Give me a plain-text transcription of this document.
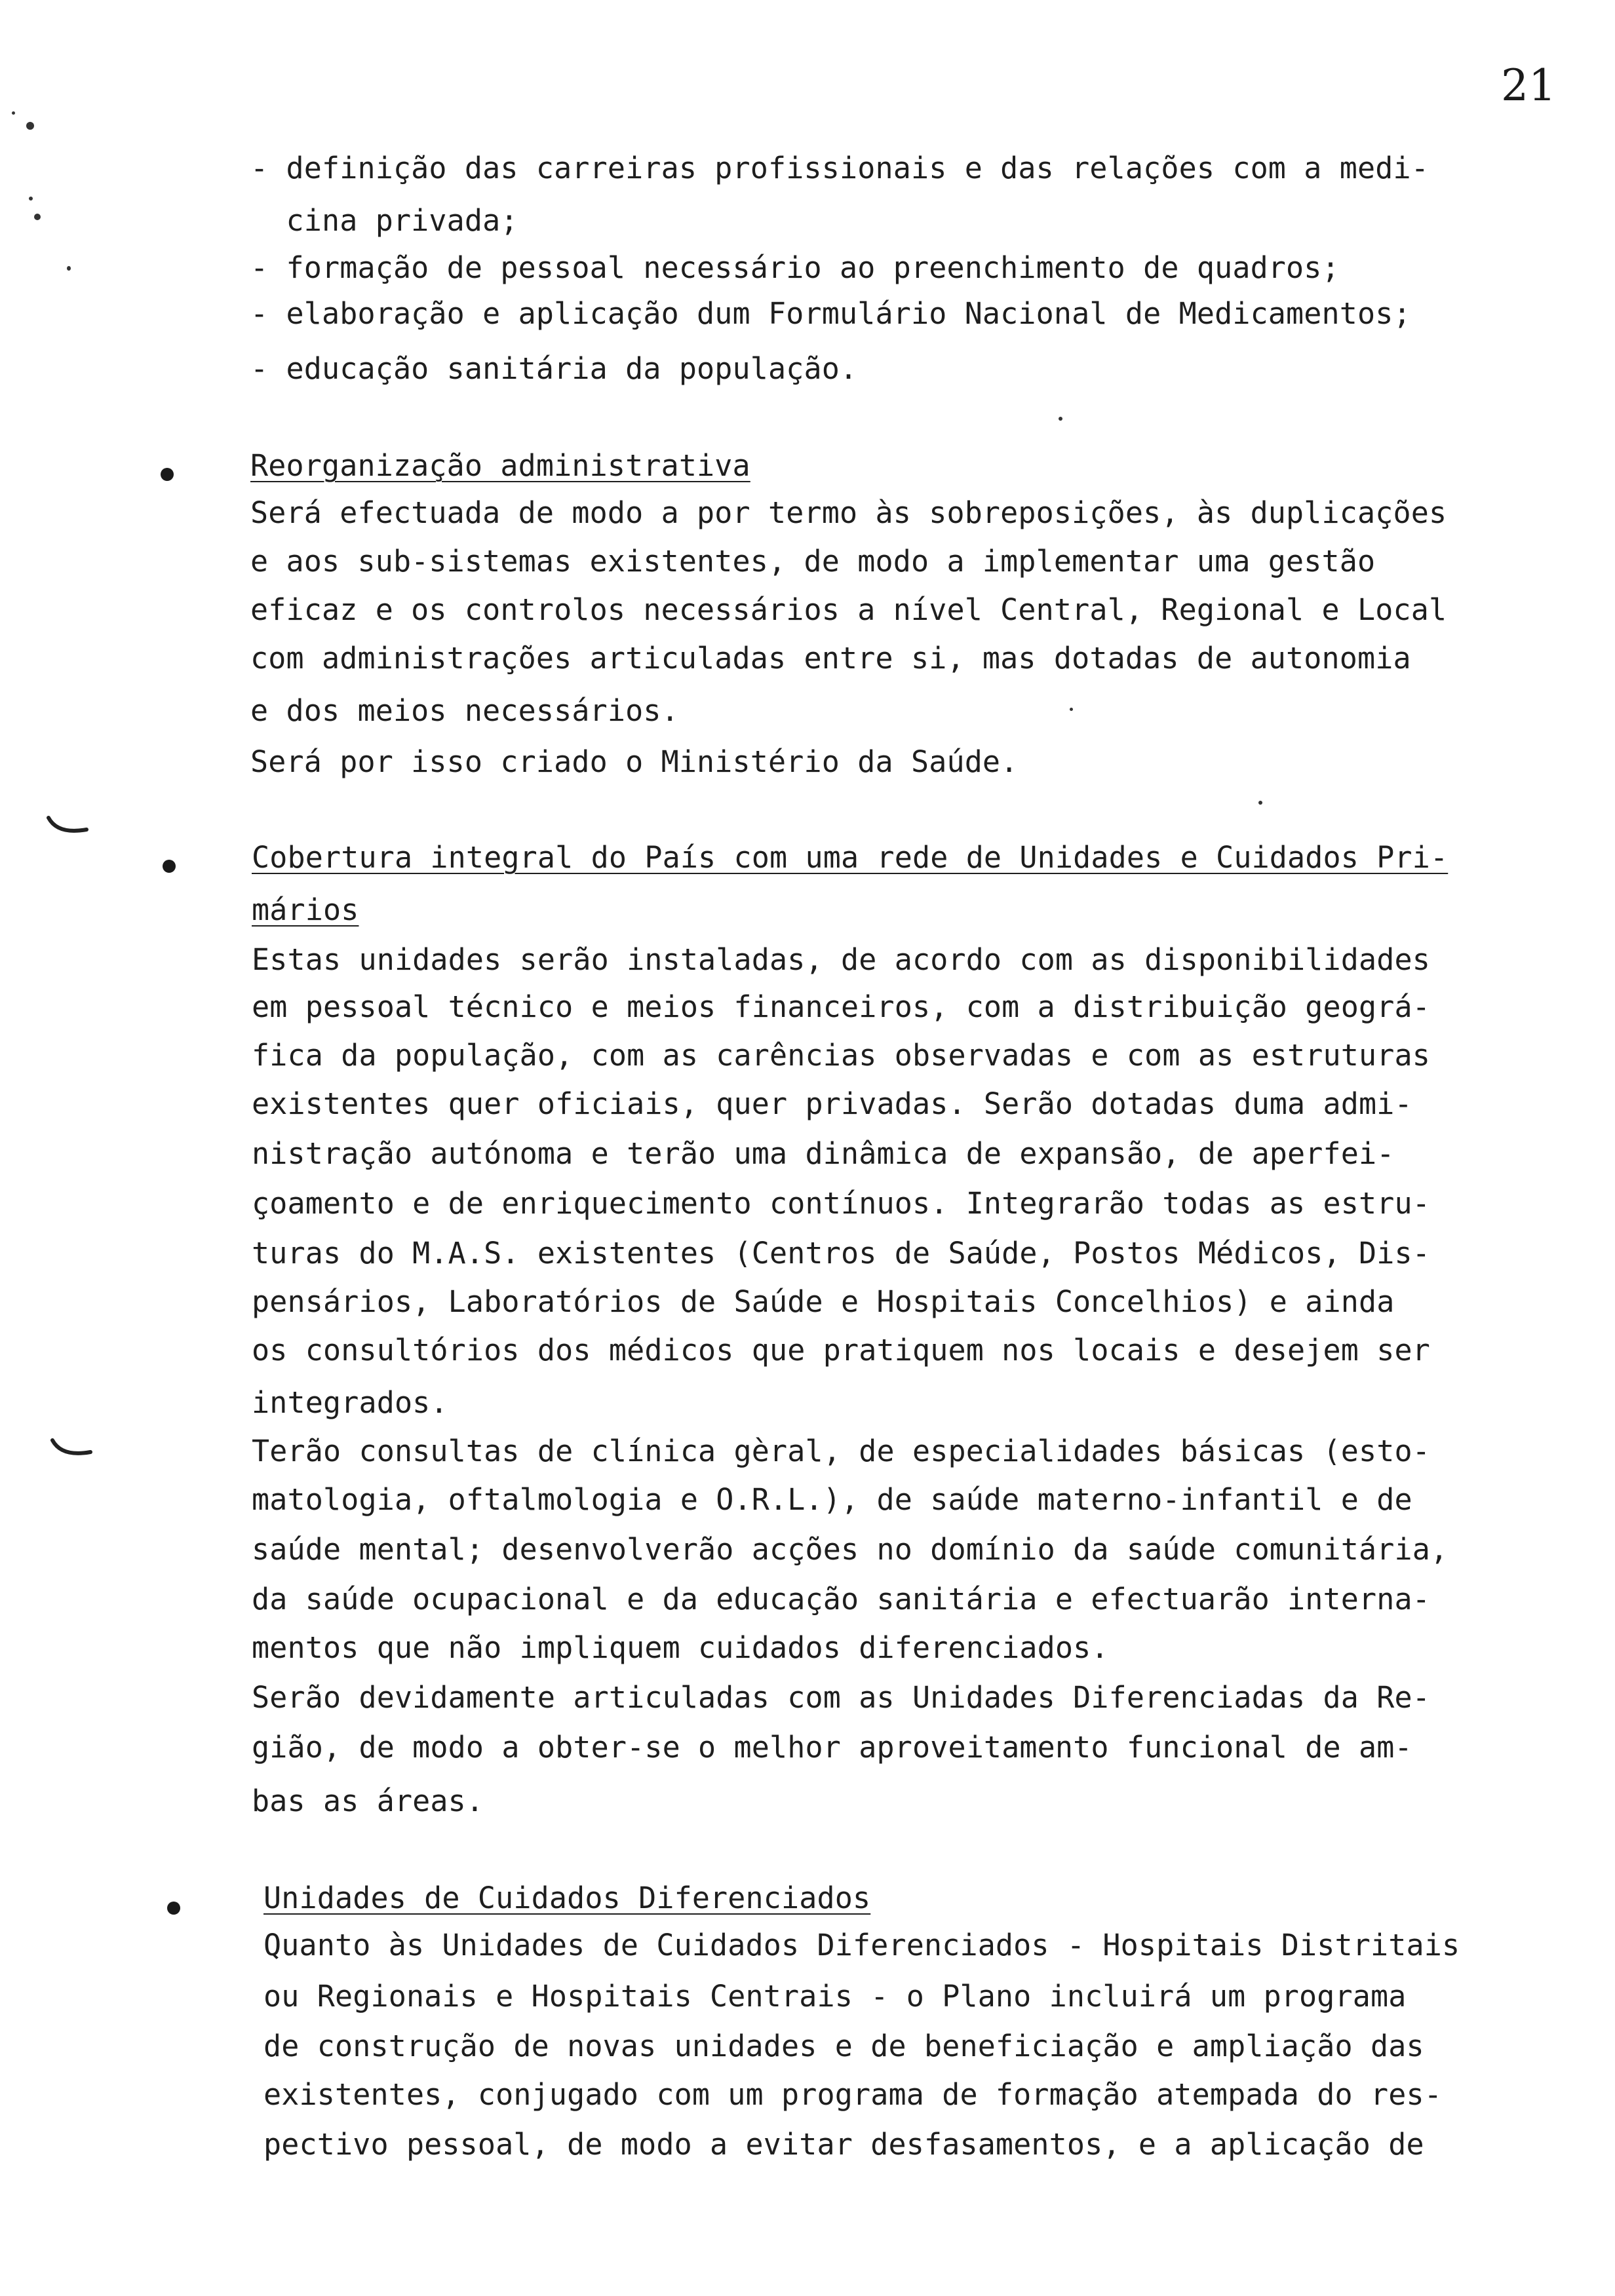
21
- definição das carreiras profissionais e das relações com a medi-
cina privada;
- formação de pessoal necessário ao preenchimento de quadros;
- elaboração e aplicação dum Formulário Nacional de Medicamentos;
- educação sanitária da população.
Reorganização administrativa
Será efectuada de modo a por termo às sobreposições, às duplicações
e aos sub-sistemas existentes, de modo a implementar uma gestão
eficaz e os controlos necessários a nível Central, Regional e Local
com administrações articuladas entre si, mas dotadas de autonomia
e dos meios necessários.
Será por isso criado o Ministério da Saúde.
Cobertura integral do País com uma rede de Unidades e Cuidados Pri-
mários
Estas unidades serão instaladas, de acordo com as disponibilidades
em pessoal técnico e meios financeiros, com a distribuição geográ-
fica da população, com as carências observadas e com as estruturas
existentes quer oficiais, quer privadas. Serão dotadas duma admi-
nistração autónoma e terão uma dinâmica de expansão, de aperfei-
çoamento e de enriquecimento contínuos. Integrarão todas as estru-
turas do M.A.S. existentes (Centros de Saúde, Postos Médicos, Dis-
pensários, Laboratórios de Saúde e Hospitais Concelhios) e ainda
os consultórios dos médicos que pratiquem nos locais e desejem ser
integrados.
Terão consultas de clínica gèral, de especialidades básicas (esto-
matologia, oftalmologia e O.R.L.), de saúde materno-infantil e de
saúde mental; desenvolverão acções no domínio da saúde comunitária,
da saúde ocupacional e da educação sanitária e efectuarão interna-
mentos que não impliquem cuidados diferenciados.
Serão devidamente articuladas com as Unidades Diferenciadas da Re-
gião, de modo a obter-se o melhor aproveitamento funcional de am-
bas as áreas.
Unidades de Cuidados Diferenciados
Quanto às Unidades de Cuidados Diferenciados - Hospitais Distritais
ou Regionais e Hospitais Centrais - o Plano incluirá um programa
de construção de novas unidades e de beneficiação e ampliação das
existentes, conjugado com um programa de formação atempada do res-
pectivo pessoal, de modo a evitar desfasamentos, e a aplicação de
